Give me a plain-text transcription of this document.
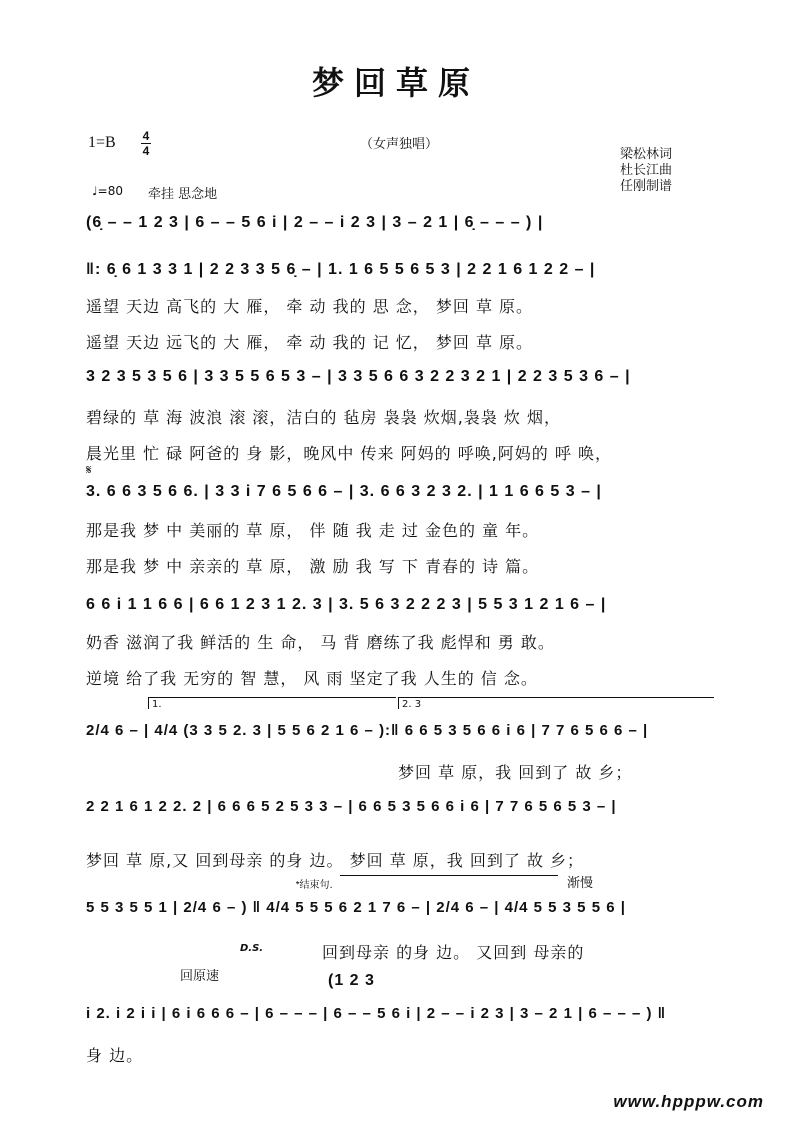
梦回草原
1=B 4
4	（女声独唱）
梁松林词
杜长江曲
任刚制谱
♩=80 牵挂 思念地
(6̣ – – 1 2 3 | 6 – – 5 6 i | 2 – – i 2 3 | 3 – 2 1 | 6̣ – – – ) |
‖: 6̣ 6 1 3 3 1 | 2 2 3 3 5 6̣ – | 1. 1 6 5 5 6 5 3 | 2 2 1 6 1 2 2 – |
遥望 天边 高飞的 大 雁， 牵 动 我的 思 念， 梦回 草 原。
遥望 天边 远飞的 大 雁， 牵 动 我的 记 忆， 梦回 草 原。
3 2 3 5 3 5 6 | 3 3 5 5 6 5 3 – | 3 3 5 6 6 3 2 2 3 2 1 | 2 2 3 5 3 6 – |
碧绿的 草 海 波浪 滚 滚，洁白的 毡房 袅袅 炊烟,袅袅 炊 烟，
晨光里 忙 碌 阿爸的 身 影，晚风中 传来 阿妈的 呼唤,阿妈的 呼 唤，
𝄋
3. 6 6 3 5 6 6. | 3 3 i 7 6 5 6 6 – | 3. 6 6 3 2 3 2. | 1 1 6 6 5 3 – |
那是我 梦 中 美丽的 草 原， 伴 随 我 走 过 金色的 童 年。
那是我 梦 中 亲亲的 草 原， 激 励 我 写 下 青春的 诗 篇。
6 6 i 1 1 6 6 | 6 6 1 2 3 1 2. 3 | 3. 5 6 3 2 2 2 3 | 5 5 3 1 2 1 6 – |
奶香 滋润了我 鲜活的 生 命， 马 背 磨练了我 彪悍和 勇 敢。
逆境 给了我 无穷的 智 慧， 风 雨 坚定了我 人生的 信 念。
1.	2. 3
2/4 6 – | 4/4 (3 3 5 2. 3 | 5 5 6 2 1 6 – ):‖ 6 6 5 3 5 6 6 i 6 | 7 7 6 5 6 6 – |
梦回 草 原，我 回到了 故 乡；
2 2 1 6 1 2 2. 2 | 6 6 6 5 2 5 3 3 – | 6 6 5 3 5 6 6 i 6 | 7 7 6 5 6 5 3 – |
梦回 草 原,又 回到母亲 的身 边。 梦回 草 原，我 回到了 故 乡；
𝄌结束句.	渐慢
5 5 3 5 5 1 | 2/4 6 – ) ‖ 4/4 5 5 5 6 2 1 7 6 – | 2/4 6 – | 4/4 5 5 3 5 5 6 |
D.S.	回到母亲 的身 边。 又回到 母亲的
回原速	(1 2 3
i 2. i 2 i i | 6 i 6 6 6 – | 6 – – – | 6 – – 5 6 i | 2 – – i 2 3 | 3 – 2 1 | 6 – – – ) ‖
身 边。
www.hpppw.com
